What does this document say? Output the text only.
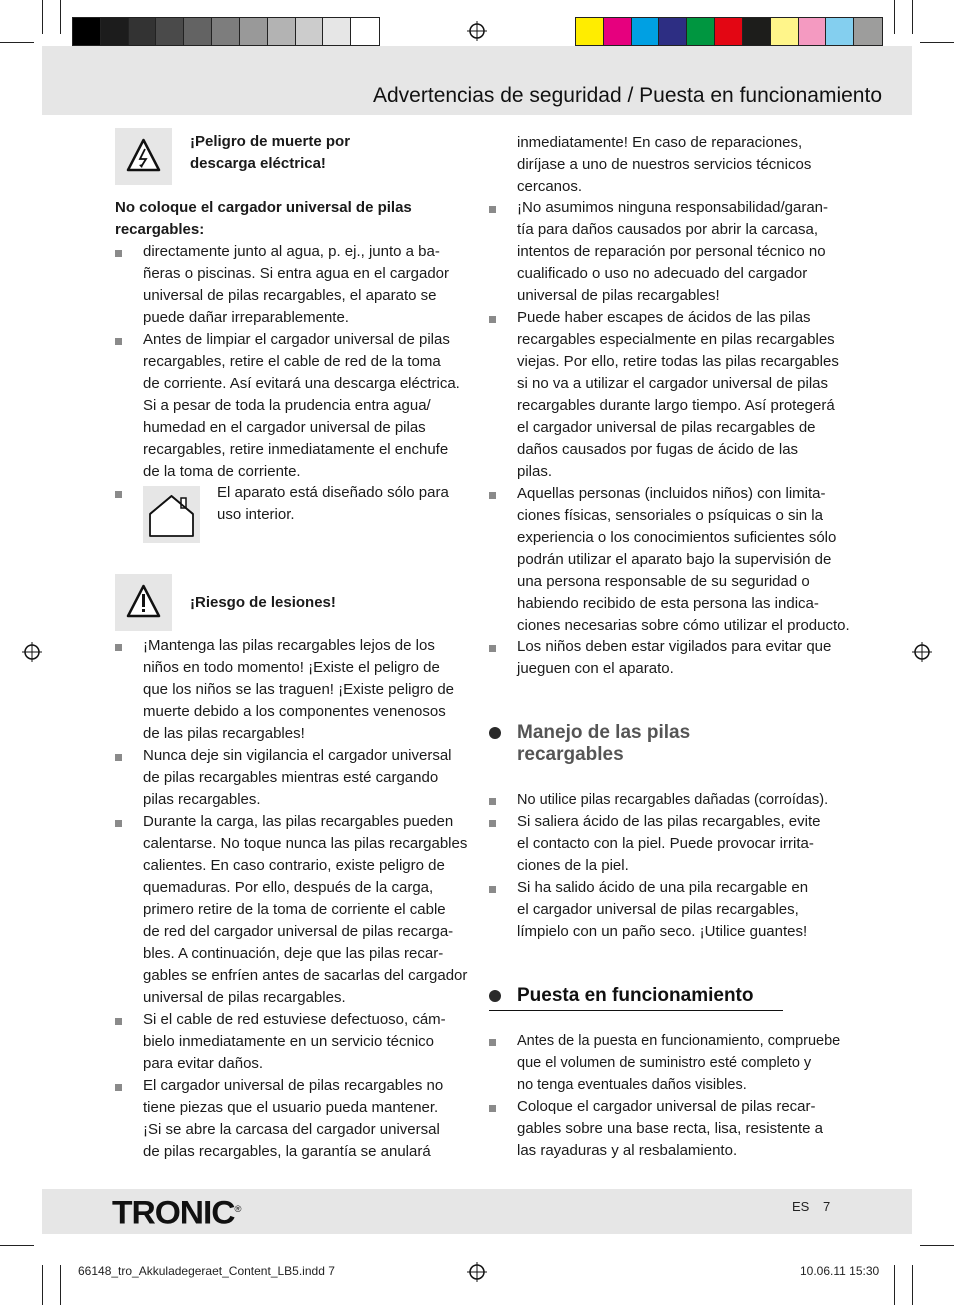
Advertencias de seguridad / Puesta en funcionamiento
¡Peligro de muerte por
descarga eléctrica!
No coloque el cargador universal de pilas
recargables:
directamente junto al agua, p. ej., junto a ba-
ñeras o piscinas. Si entra agua en el cargador
universal de pilas recargables, el aparato se
puede dañar irreparablemente.
Antes de limpiar el cargador universal de pilas
recargables, retire el cable de red de la toma
de corriente. Así evitará una descarga eléctrica.
Si a pesar de toda la prudencia entra agua/
humedad en el cargador universal de pilas
recargables, retire inmediatamente el enchufe
de la toma de corriente.
El aparato está diseñado sólo para
uso interior.
¡Riesgo de lesiones!
¡Mantenga las pilas recargables lejos de los
niños en todo momento! ¡Existe el peligro de
que los niños se las traguen! ¡Existe peligro de
muerte debido a los componentes venenosos
de las pilas recargables!
Nunca deje sin vigilancia el cargador universal
de pilas recargables mientras esté cargando
pilas recargables.
Durante la carga, las pilas recargables pueden
calentarse. No toque nunca las pilas recargables
calientes. En caso contrario, existe peligro de
quemaduras. Por ello, después de la carga,
primero retire de la toma de corriente el cable
de red del cargador universal de pilas recarga-
bles. A continuación, deje que las pilas recar-
gables se enfríen antes de sacarlas del cargador
universal de pilas recargables.
Si el cable de red estuviese defectuoso, cám-
bielo inmediatamente en un servicio técnico
para evitar daños.
El cargador universal de pilas recargables no
tiene piezas que el usuario pueda mantener.
¡Si se abre la carcasa del cargador universal
de pilas recargables, la garantía se anulará
inmediatamente! En caso de reparaciones,
diríjase a uno de nuestros servicios técnicos
cercanos.
¡No asumimos ninguna responsabilidad/garan-
tía para daños causados por abrir la carcasa,
intentos de reparación por personal técnico no
cualificado o uso no adecuado del cargador
universal de pilas recargables!
Puede haber escapes de ácidos de las pilas
recargables especialmente en pilas recargables
viejas. Por ello, retire todas las pilas recargables
si no va a utilizar el cargador universal de pilas
recargables durante largo tiempo. Así protegerá
el cargador universal de pilas recargables de
daños causados por fugas de ácido de las
pilas.
Aquellas personas (incluidos niños) con limita-
ciones físicas, sensoriales o psíquicas o sin la
experiencia o los conocimientos suficientes sólo
podrán utilizar el aparato bajo la supervisión de
una persona responsable de su seguridad o
habiendo recibido de esta persona las indica-
ciones necesarias sobre cómo utilizar el producto.
Los niños deben estar vigilados para evitar que
jueguen con el aparato.
Manejo de las pilas
recargables
No utilice pilas recargables dañadas (corroídas).
Si saliera ácido de las pilas recargables, evite
el contacto con la piel. Puede provocar irrita-
ciones de la piel.
Si ha salido ácido de una pila recargable en
el cargador universal de pilas recargables,
límpielo con un paño seco. ¡Utilice guantes!
Puesta en funcionamiento
Antes de la puesta en funcionamiento, compruebe
que el volumen de suministro esté completo y
no tenga eventuales daños visibles.
Coloque el cargador universal de pilas recar-
gables sobre una base recta, lisa, resistente a
las rayaduras y al resbalamiento.
TRONIC®	ES 7
66148_tro_Akkuladegeraet_Content_LB5.indd 7	10.06.11 15:30
